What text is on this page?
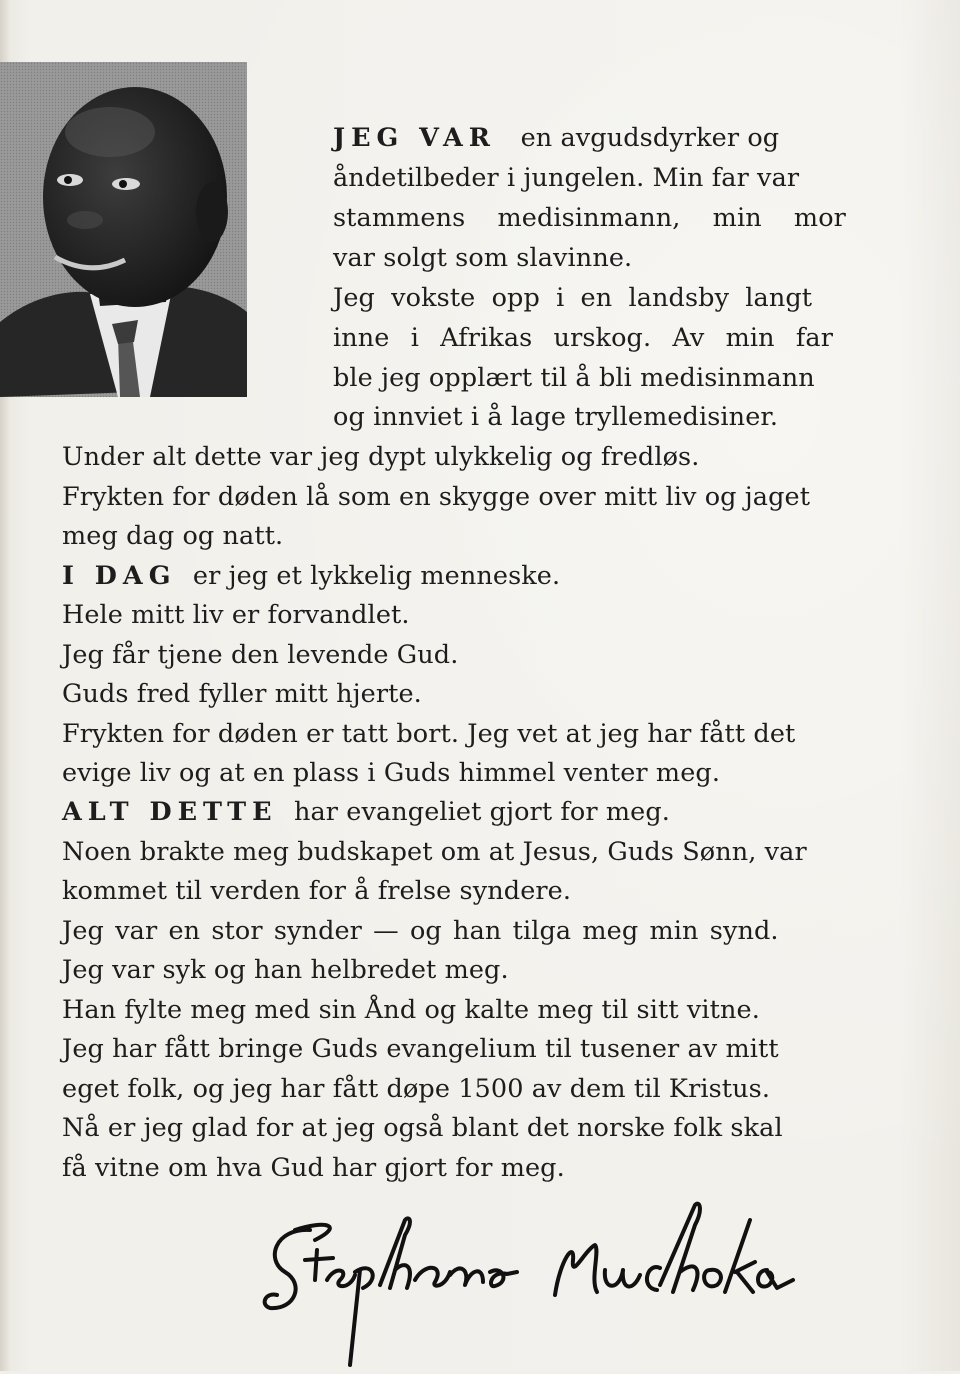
JEG VAR en avgudsdyrker og
åndetilbeder i jungelen. Min far var
stammens medisinmann, min mor
var solgt som slavinne.
Jeg vokste opp i en landsby langt
inne i Afrikas urskog. Av min far
ble jeg opplært til å bli medisinmann
og innviet i å lage tryllemedisiner.
Under alt dette var jeg dypt ulykkelig og fredløs.
Frykten for døden lå som en skygge over mitt liv og jaget
meg dag og natt.
I DAG er jeg et lykkelig menneske.
Hele mitt liv er forvandlet.
Jeg får tjene den levende Gud.
Guds fred fyller mitt hjerte.
Frykten for døden er tatt bort. Jeg vet at jeg har fått det
evige liv og at en plass i Guds himmel venter meg.
ALT DETTE har evangeliet gjort for meg.
Noen brakte meg budskapet om at Jesus, Guds Sønn, var
kommet til verden for å frelse syndere.
Jeg var en stor synder — og han tilga meg min synd.
Jeg var syk og han helbredet meg.
Han fylte meg med sin Ånd og kalte meg til sitt vitne.
Jeg har fått bringe Guds evangelium til tusener av mitt
eget folk, og jeg har fått døpe 1500 av dem til Kristus.
Nå er jeg glad for at jeg også blant det norske folk skal
få vitne om hva Gud har gjort for meg.
